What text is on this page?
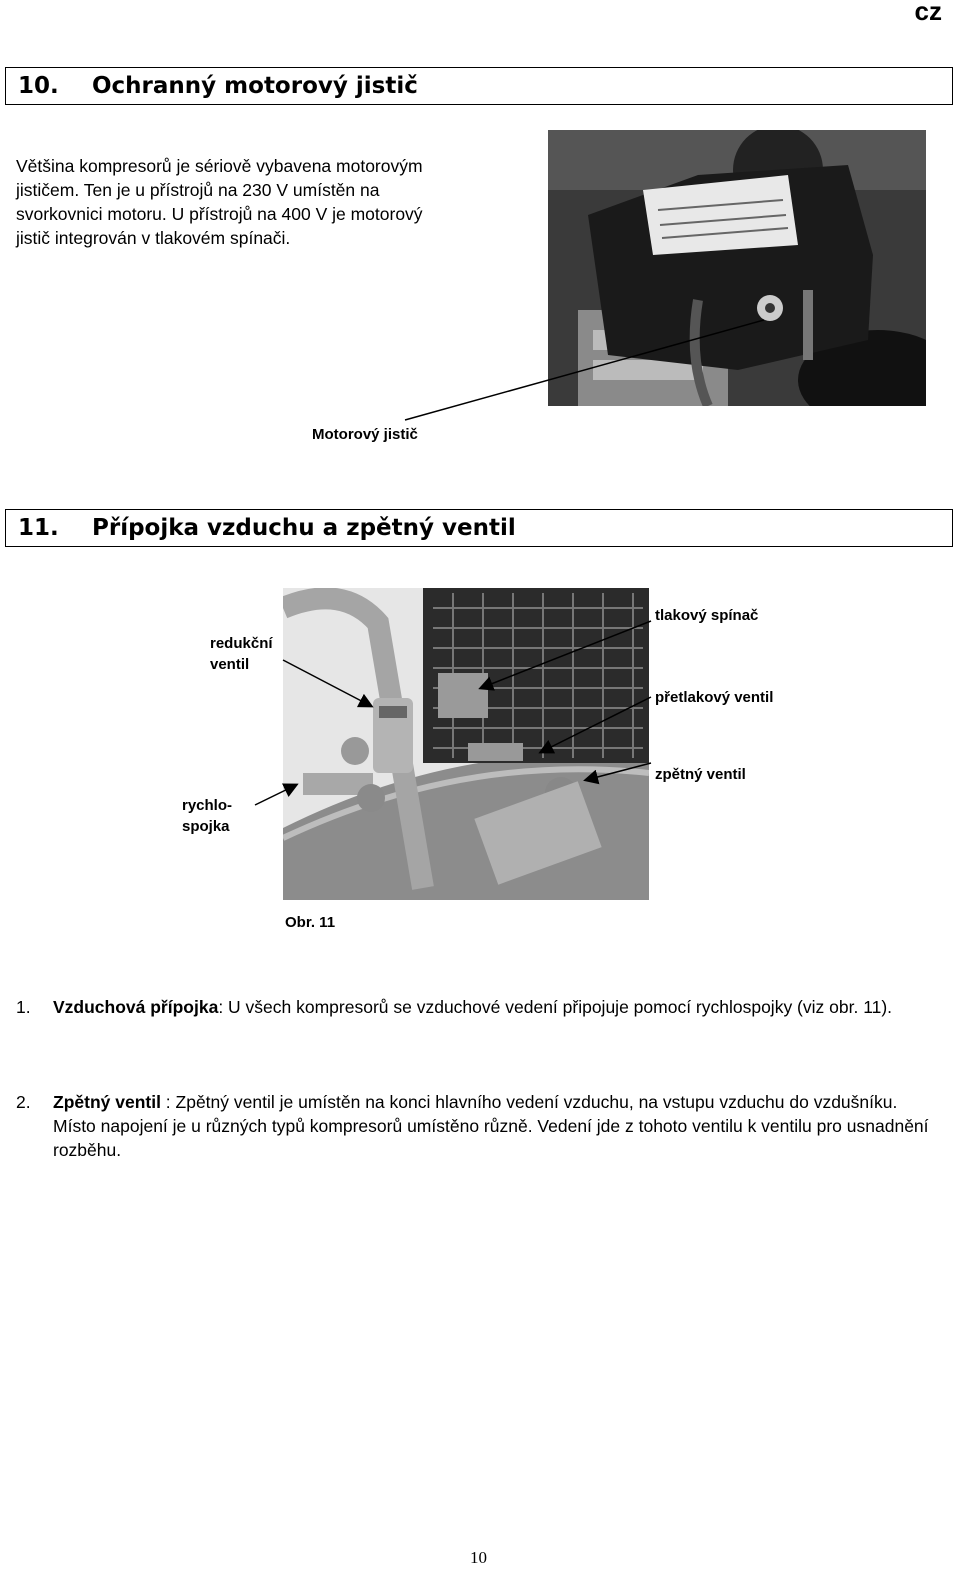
cz
10. Ochranný motorový jistič
Většina kompresorů je sériově vybavena motorovým
jističem. Ten je u přístrojů na 230 V umístěn na
svorkovnici motoru. U přístrojů na 400 V je motorový
jistič integrován v tlakovém spínači.
Motorový jistič
11. Přípojka vzduchu a zpětný ventil
redukční
ventil
rychlo-
spojka
tlakový spínač
přetlakový ventil
zpětný ventil
Obr. 11
1. Vzduchová přípojka: U všech kompresorů se vzduchové vedení připojuje pomocí rychlospojky (viz obr. 11).
2. Zpětný ventil : Zpětný ventil je umístěn na konci hlavního vedení vzduchu, na vstupu vzduchu do vzdušníku. Místo napojení je u různých typů kompresorů umístěno různě. Vedení jde z tohoto ventilu k ventilu pro usnadnění rozběhu.
10
